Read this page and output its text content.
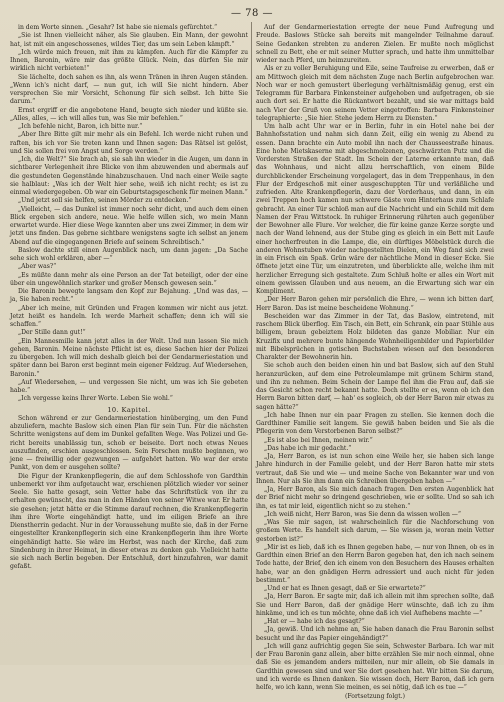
— 78 —

in dem Worte sinnen. „Gesahr? Ist habe sie niemals gefürchtet.“

„Sie ist Ihnen vielleicht näher, als Sie glauben. Ein Mann, der gewohnt hat, ist mit ein angeschossenes, wildes Tier, das um sein Leben kämpft.“

„Ich würde mich freuen, mit ihm zu kämpfen. Auch für die Kämpfer zu Ihnen, Baronin, wäre mir das größte Glück. Nein, das dürfen Sie mir wirklich nicht verbieten!“

Sie lächelte, doch sahen es ihn, als wenn Tränen in ihren Augen ständen. „Wenn ich's nicht darf, — nun gut, ich will Sie nicht hindern. Aber versprechen Sie mir Vorsicht, Schonung für sich selbst. Ich bitte Sie darum.“

Ernst ergriff er die angebotene Hand, beugte sich nieder und küßte sie. „Alles, alles, — ich will alles tun, was Sie mir befehlen.“

„Ich befehle nicht, Baron, ich bitte nur.“

„Aber Ihre Bitte gilt mir mehr als ein Befehl. Ich werde nicht ruhen und raften, bis ich vor Sie treten kann und Ihnen sagen: Das Rätsel ist gelöst, und Sie sollen frei von Angst und Sorge werden.“

„Ich, die Welt?“ Sie brach ab, sie sah ihn wieder in die Augen, um dann in sichtbarer Verlegenheit ihre Blicke von ihm abzuwenden und abermals auf die gestundeten Gegenstände hinabzuschauen. Und nach einer Weile sagte sie halblaut: „Was ich der Welt hier sehe, weiß ich nicht recht; es ist zu einmal wiedergegeben. Ob war ein Geburtstagsgeschenk für meinen Mann.“

„Und jetzt soll sie helfen, seinen Mörder zu entdecken.“

„Vielleicht, — das Dunkel ist immer noch sehr dicht, und auch dem einen Blick ergeben sich andere, neue. Wie helfe willen sich, wo mein Mann erwartet wurde. Hier diese Wege kannten aber uns zwei Zimmer, in dem wir jetzt uns finden. Das gebrne sichtbare wenigstens sagte ich selbst an jenem Abend auf die eingegangenen Briefe auf seinem Schreibtisch.“

Baslow dachte still einen Augenblick nach, um dann jagen: „Da Sache sehe sich wohl erklären, aber —“

„Aber was?“

„Es müßte dann mehr als eine Person an der Tat beteiligt, oder der eine über ein ungewöhnlich starker und großer Mensch gewesen sein.“

Die Baronin bewegte langsam den Kopf zur Bejahung. „Und was das, — ja, Sie haben recht.“

„Aber ich meine, mit Gründen und Fragen kommen wir nicht aus jetzt. Jetzt heißt es handeln. Ich werde Marheit schaffen; denn ich will sie schaffen.“

„Der Stille dann gut!“

„Ein Mannesmille kann jetzt alles in der Welt. Und nun lassen Sie mich gehen, Baronin. Meine nächste Pflicht ist es, diese Sachen hier der Polizei zu übergeben. Ich will mich deshalb gleich bei der Gendarmeriestation und später dann bei Baron erst beginnt mein eigener Feldzug. Auf Wiedersehen, Baronin.“

„Auf Wiedersehen, — und vergessen Sie nicht, um was ich Sie gebeten habe.“

„Ich vergesse keins Ihrer Worte. Leben Sie wohl.“

10. Kapitel.

Schon während er zur Gendarmeriestation hinüberging, um den Fund abzuliefern, machte Baslow sich einen Plan für sein Tun. Für die nächsten Schritte wenigstens auf dem im Dunkel gefallten Wege. Was Polizei und Gericht bereits unablässig tun, schob er beiseite. Dort noch etwas Neues auszufinden, erschien ausgeschlossen. Sein Forschen mußte beginnen, wo jene — freiwillig oder gezwungen — aufgehört hatten. Wo war der erste Punkt, von dem er ausgehen sollte?

Die Figur der Krankenpflegerin, die auf dem Schlosshofe von Gardthin unbemerkt vor ihm aufgetaucht war, erschienen plötzlich wieder vor seiner Seele. Sie hatte gesagt, sein Vetter habe das Schriftstück von ihr zu erhalten gewünscht, das man in den Händen von seiner Witwe war. Er hatte sie gesehen; jetzt hätte er die Stimme darauf rechnen, die Krankenpflegerin ihm ihre Worte eingehändigt hatte, und im eiligen Briefe an ihre Dienstherrin gedacht. Nur in der Voraussehung mußte sie, daß in der Ferne eingestellter Krankenpflegerin sich eine Krankenpflegerin ihm ihre Worte eingehändigt hatte. Sie wäre im Herbst, was nach der Kirche, daß zum Sindenburg in ihrer Heimat, in dieser etwas zu denken gab. Vielleicht hatte sie sich nach Berlin begeben. Der Entschluß, dort hinzufahren, war damit gefaßt.

Auf der Gendarmeriestation erregte der neue Fund Aufregung und Freude. Baslows Stücke sah bereits mit mangelnder Teilnahme darauf. Seine Gedanken strebten zu anderen Zielen. Er mußte noch möglichst schnell zu Bett, ehe er mit seiner Mutter sprach, und hatte ihm unmittelbar wieder nach Pferd, um heimzureiten.

Als er zu voller Beruhigung und Eile, seine Taufreise zu erwerben, daß er am Mittwoch gleich mit dem nächsten Zuge nach Berlin aufgebrochen war. Noch war er noch gemustert überlegung verhältnismäßig genug, erst ein Telegramm für Barbara Finkensteiner aufgehoben und aufgetragen, ob sie auch dort sei. Er hatte die Rückantwort bezahlt, und sie war mittags bald nach Vier der Gruß von seinem Vetter eingetroffen: Barbara Finkensteiner telegraphierte: „Sie hier. Stehe jedem Herrn zu Diensten.“

Um halb acht Uhr war er in Berlin, fuhr in ein Hotel nahe bei der Bahnhofsstation und nahm sich dann Zeit, eilig ein wenig zu Abend zu essen. Dann brachte ein Auto mobil ihn nach der Chausseestraße hinaus. Eine hohe Mietskaserne mit abgeschmolzenen, geschwärzten Putz und die Vordersten Straßen der Stadt. Im Schein der Laterne erkannte man, daß das Wohnhaus, und nicht allzu herrschaftlich, von einem Bilde durchblickender Erscheinung vorgelagert, das in dem Treppenhaus, in den Flur der Erdgeschoß mit einer ausgeschuppten Tür und verläßliche und zufrieden. Alte Krankenpflegerin, dazu der Vorderhaus, und dann, in ein zwei Treppen hoch kamen nun schwere Gäste vom Hinterhaus zum Schlafe gebracht. An einer Tür schloß man auf die Nachricht und ein Schild mit dem Namen der Frau Wittstock. In ruhiger Erinnerung rührten auch gegenüber der Bewohner alle Flure. Vor welcher, die für keine ganze Kerze sorgte und nach der Wand lehnend, aus der Stube ging es gleich in ein Bett mit Laufe einer hocherfreuten in die Lampe, die, ein dürftiges Möbelstück durch die anderen Wohnstuben wieder nachgestellten Dielen, ein Weg fand sich zwei in ein Frisch ein Spaß. Grün wäre der nächtliche Mond in dieser Ecke. Sie öffnete jetzt eine Tür, um einzutreten, und überblickte alle, welche ihm mit herzlicher Erregung sich gestaltete. Zum Schluß holte er alles ein Wort mit einem gewissen Glauben und aus neuem, an die Erwartung sich war ein Kompliment.

„Der Herr Baron gehen mir persönlich die Ehre, — wenn ich bitten darf, Herr Baron. Das ist meine bescheidene Wohnung.“

Bescheiden war das Zimmer in der Tat, das Baslow, eintretend, mit raschem Blick überflog. Ein Tisch, ein Bett, ein Schrank, ein paar Stühle aus billigem, braun gebeiztem Holz bildeten das ganze Mobiliar. Nur ein Kruzifix und mehrere bunte hängende Wohnheiligenbilder und Papierbilder mit Bibelsprüchen in gotischen Buchstaben wiesen auf den besonderen Charakter der Bewohnerin hin.

Sie schob auch den beiden einen hin und bat Baslow, sich auf den Stuhl heranzurücken, auf dem eine Petroleumlampe mit grünem Schirm stand, und ihn zu nehmen. Beim Schein der Lampe fiel ihm die Frau auf, daß sie das Gesicht schon recht bekannt hatte. Doch stellte er es, wenn ob ich den Herrn Baron bitten darf, — hab' es sogleich, ob der Herr Baron mir etwas zu sagen hätte?“

„Ich habe Ihnen nur ein paar Fragen zu stellen. Sie kennen doch die Gardthiner Familie seit langem. Sie gewiß haben beiden und Sie als die Pflegerin von dem Verstorbenen Baron selbst?“

„Es ist also bei Ihnen, meinen wir.“

„Das habe ich mir gedacht.“

„Ja, Herr Baron, es ist nun schon eine Weile her, sie haben sich lange Jahre hindurch in der Familie gelebt, und der Herr Baron hatte mir stets vertraut, daß Sie und wie — und meine Sache von Bekannter war und von Ihnen. Nur als Sie ihm dann ein Schreiben übergeben haben —“

„Ja, Herr Baron, als Sie mich danach fragen. Den ersten Augenblick hat der Brief nicht mehr so dringend geschrieben, wie er sollte. Und so sah ich ihn, es tat mir leid, eigentlich nicht so zu stehen.“

„Ich weiß nicht, Herr Baron, was Sie denn da wissen wollen —“

„Was Sie mir sagen, ist wahrscheinlich für die Nachforschung von großem Werte. Es handelt sich darum, — Sie wissen ja, woran mein Vetter gestorben ist?“

„Mir ist es lieb, daß ich es Ihnen gegeben habe, — nur von Ihnen, ob es in Gardthin einen Brief an den Herrn Baron gegeben hat, den ich nach seinem Tode hatte, der Brief, den ich einem von den Besuchern des Hauses erhalten habe, war an den gnädigen Herrn adressiert und auch nicht für jeden bestimmt.“

„Und er hat es Ihnen gesagt, daß er Sie erwartete?“

„Ja, Herr Baron. Er sagte mir, daß ich allein mit ihm sprechen sollte, daß Sie und Herr Baron, daß der gnädige Herr wünschte, daß ich zu ihm hinkäme, und ich es tun möchte, ohne daß ich viel Aufhebens machte —“

„Hat er — habe ich das gesagt?“

„Ja, gewiß. Und ich nehme an, Sie haben danach die Frau Baronin selbst besucht und ihr das Papier eingehändigt?“

„Ich will ganz aufrichtig gegen Sie sein, Schwester Barbara. Ich war mit der Frau Baronin ganz allein, aber bitte erzählen Sie mir noch einmal, ohne daß Sie es jemandem anders mitteilen, nur mir allein, ob Sie damals in Gardthin gewesen sind und wer Sie dort gesehen hat. Wir bitten Sie darum, und ich werde es Ihnen danken. Sie wissen doch, Herr Baron, daß ich gern helfe, wo ich kann, wenn Sie meinen, es sei nötig, daß ich es tue —“

(Fortsetzung folgt.)
